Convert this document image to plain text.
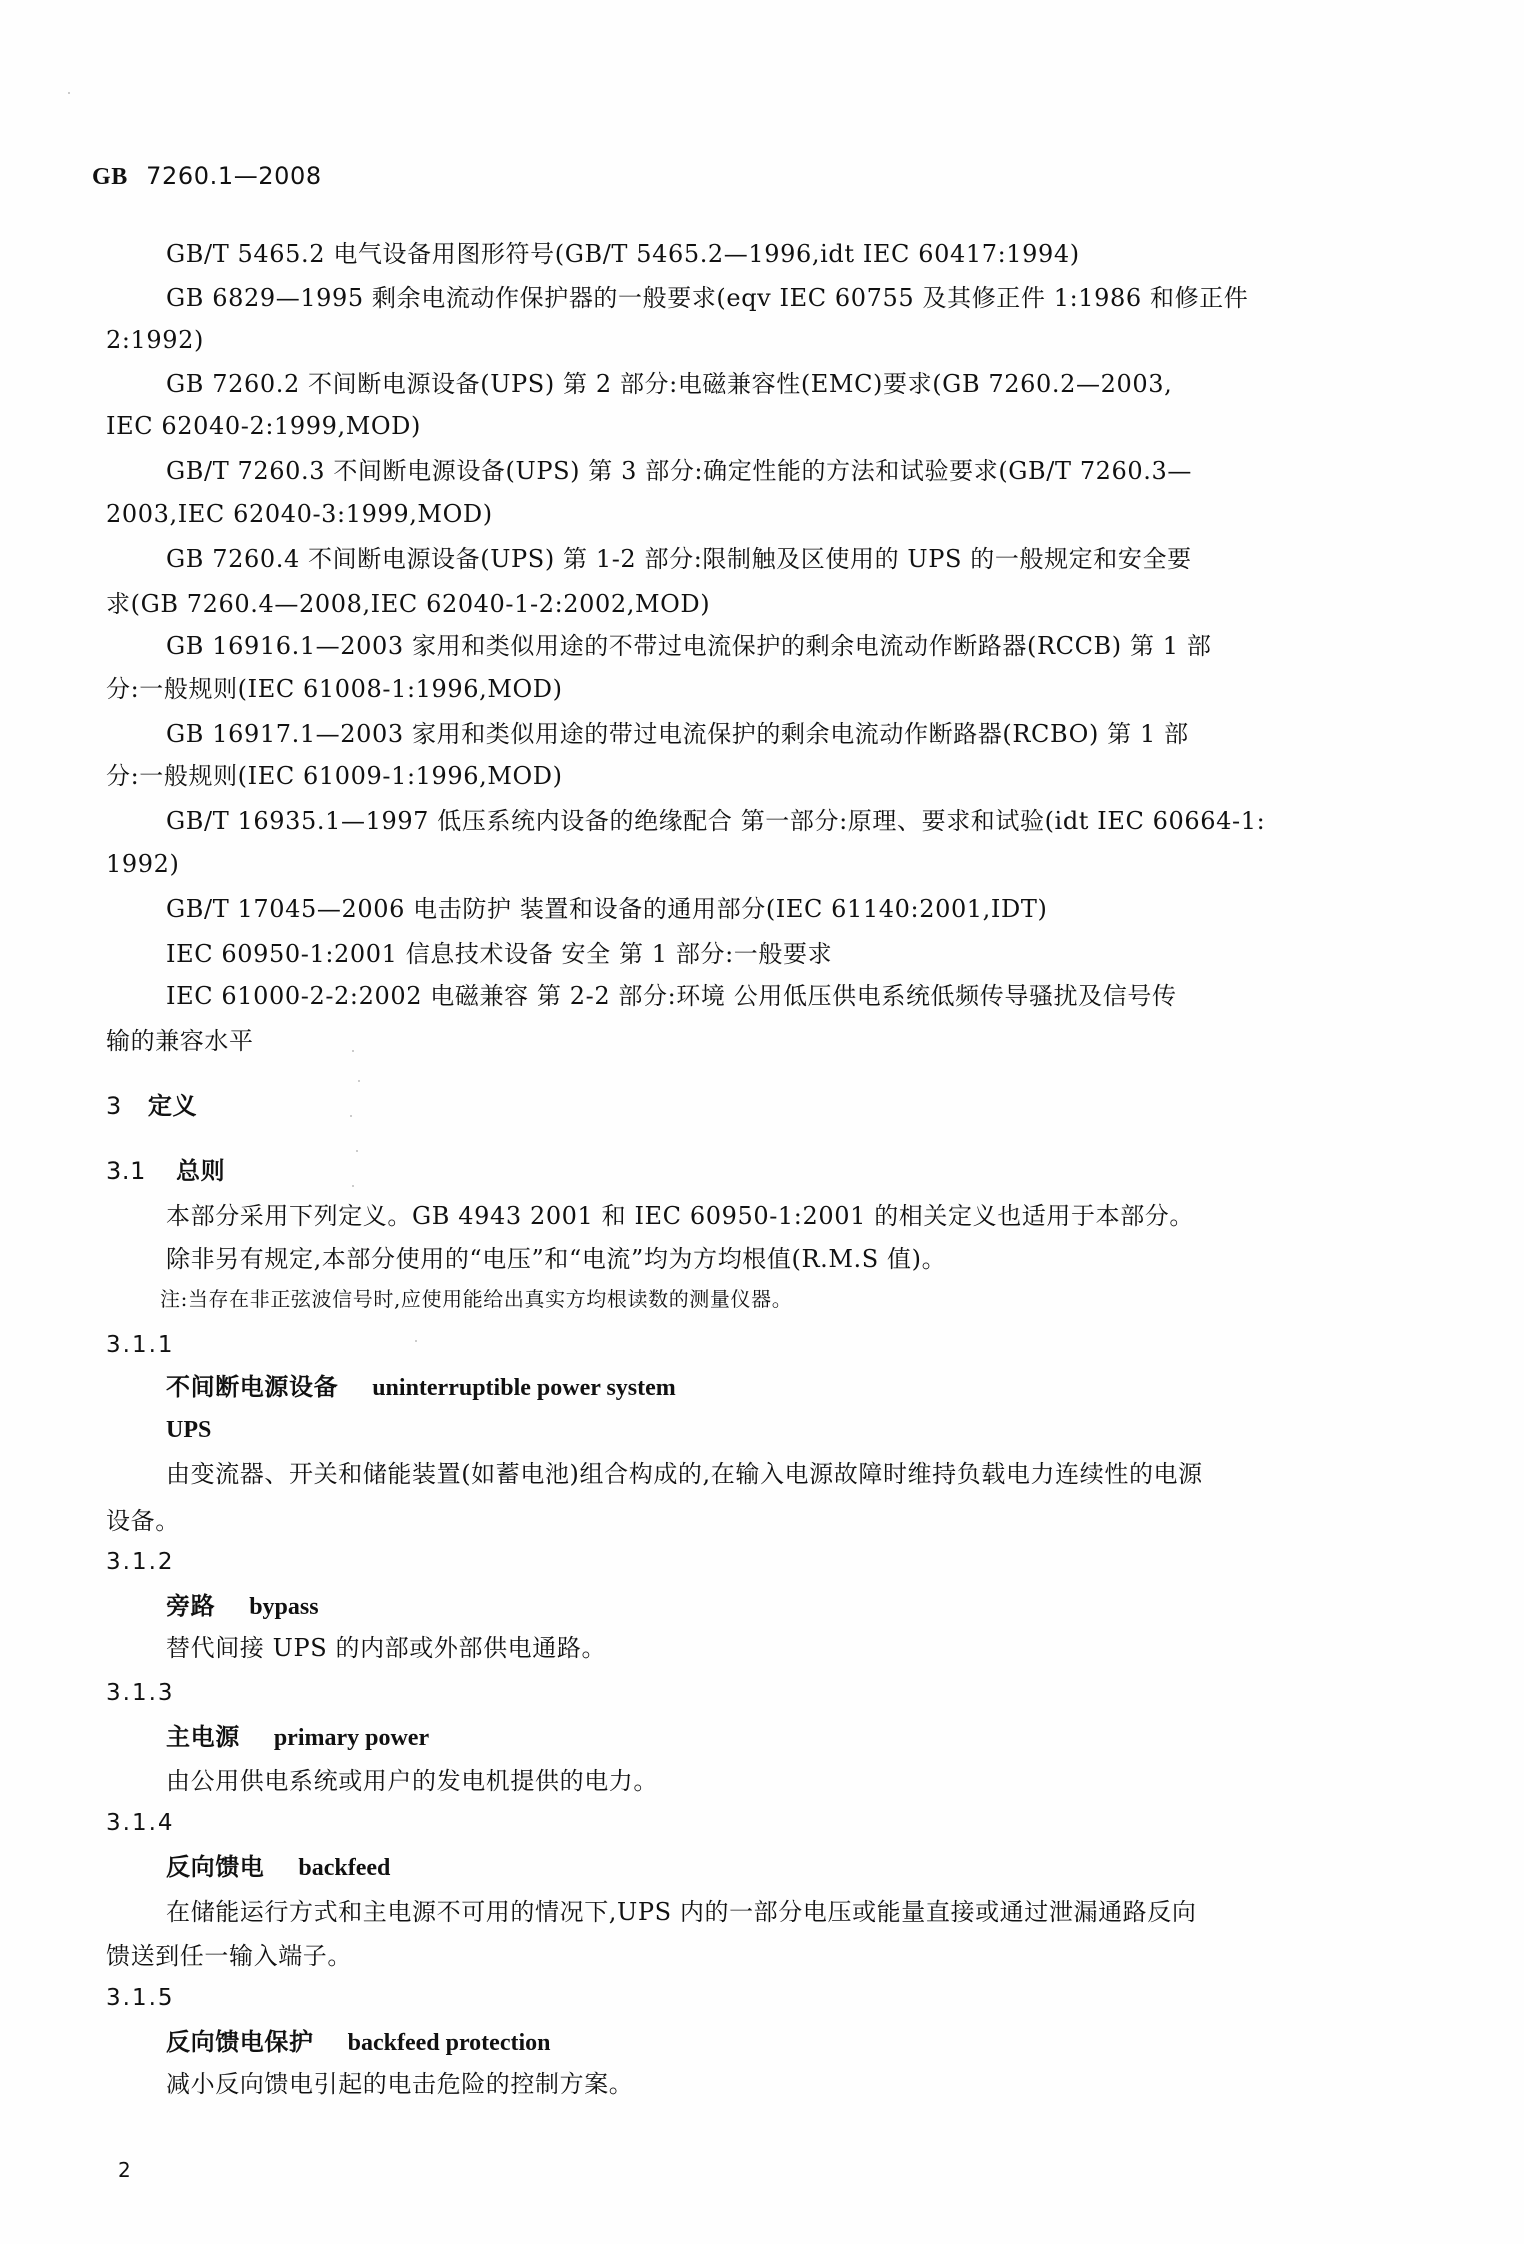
GB 7260.1—2008
GB/T 5465.2 电气设备用图形符号(GB/T 5465.2—1996,idt IEC 60417:1994)
GB 6829—1995 剩余电流动作保护器的一般要求(eqv IEC 60755 及其修正件 1:1986 和修正件
2:1992)
GB 7260.2 不间断电源设备(UPS) 第 2 部分:电磁兼容性(EMC)要求(GB 7260.2—2003,
IEC 62040-2:1999,MOD)
GB/T 7260.3 不间断电源设备(UPS) 第 3 部分:确定性能的方法和试验要求(GB/T 7260.3—
2003,IEC 62040-3:1999,MOD)
GB 7260.4 不间断电源设备(UPS) 第 1-2 部分:限制触及区使用的 UPS 的一般规定和安全要
求(GB 7260.4—2008,IEC 62040-1-2:2002,MOD)
GB 16916.1—2003 家用和类似用途的不带过电流保护的剩余电流动作断路器(RCCB) 第 1 部
分:一般规则(IEC 61008-1:1996,MOD)
GB 16917.1—2003 家用和类似用途的带过电流保护的剩余电流动作断路器(RCBO) 第 1 部
分:一般规则(IEC 61009-1:1996,MOD)
GB/T 16935.1—1997 低压系统内设备的绝缘配合 第一部分:原理、要求和试验(idt IEC 60664-1:
1992)
GB/T 17045—2006 电击防护 装置和设备的通用部分(IEC 61140:2001,IDT)
IEC 60950-1:2001 信息技术设备 安全 第 1 部分:一般要求
IEC 61000-2-2:2002 电磁兼容 第 2-2 部分:环境 公用低压供电系统低频传导骚扰及信号传
输的兼容水平
3 定义
3.1 总则
本部分采用下列定义。GB 4943 2001 和 IEC 60950-1:2001 的相关定义也适用于本部分。
除非另有规定,本部分使用的“电压”和“电流”均为方均根值(R.M.S 值)。
注:当存在非正弦波信号时,应使用能给出真实方均根读数的测量仪器。
3.1.1
不间断电源设备 uninterruptible power system
UPS
由变流器、开关和储能装置(如蓄电池)组合构成的,在输入电源故障时维持负载电力连续性的电源
设备。
3.1.2
旁路 bypass
替代间接 UPS 的内部或外部供电通路。
3.1.3
主电源 primary power
由公用供电系统或用户的发电机提供的电力。
3.1.4
反向馈电 backfeed
在储能运行方式和主电源不可用的情况下,UPS 内的一部分电压或能量直接或通过泄漏通路反向
馈送到任一输入端子。
3.1.5
反向馈电保护 backfeed protection
减小反向馈电引起的电击危险的控制方案。
2
